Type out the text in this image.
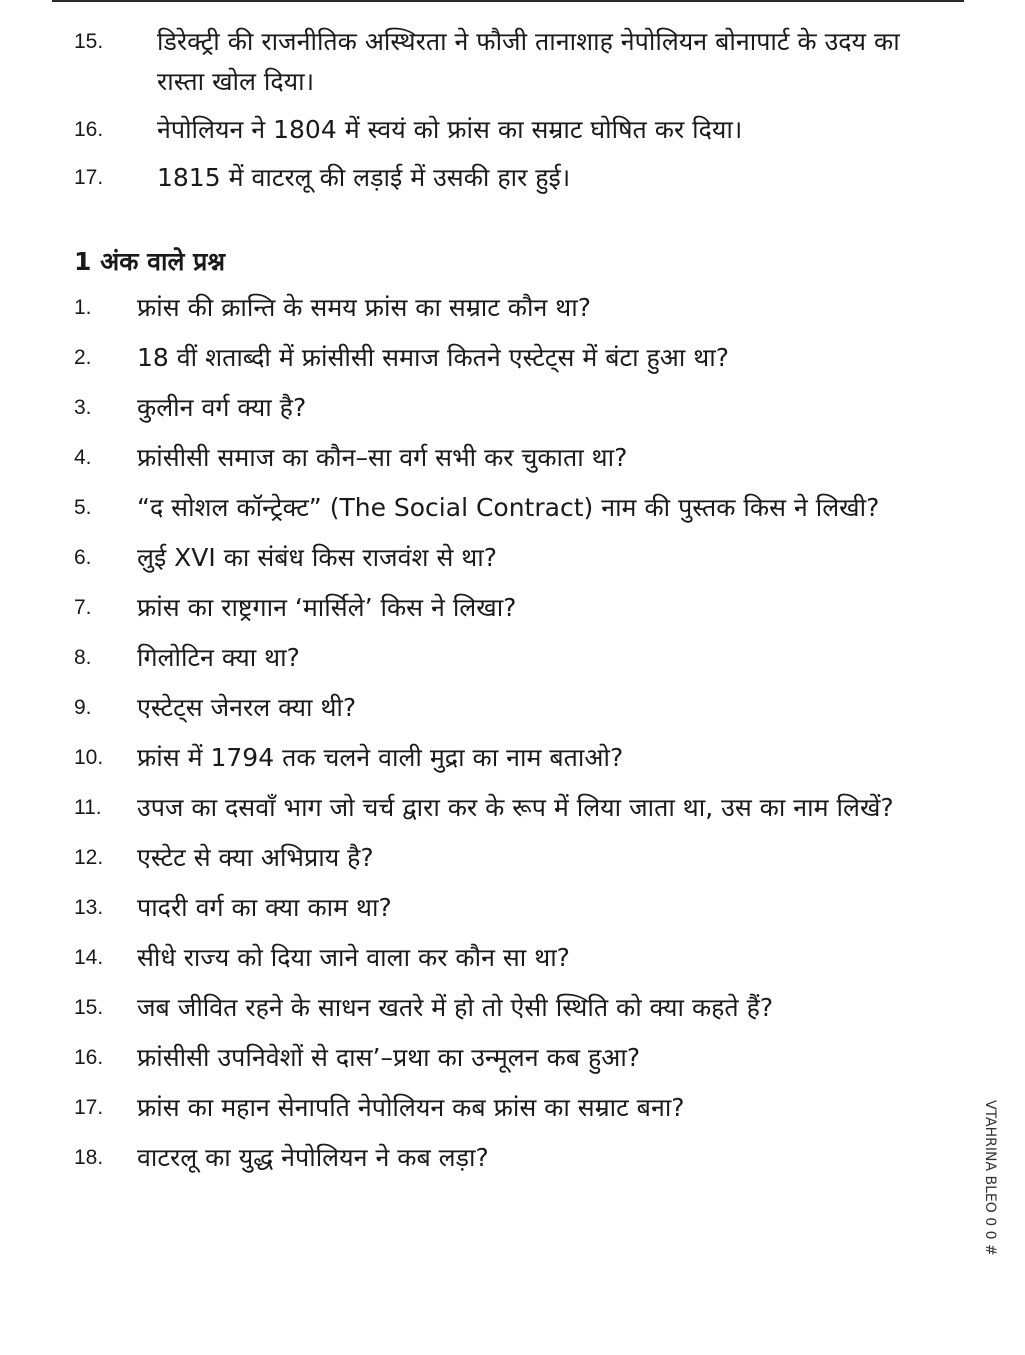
15.	डिरेक्ट्री की राजनीतिक अस्थिरता ने फौजी तानाशाह नेपोलियन बोनापार्ट के उदय का रास्ता खोल दिया।
16.	नेपोलियन ने 1804 में स्वयं को फ्रांस का सम्राट घोषित कर दिया।
17.	1815 में वाटरलू की लड़ाई में उसकी हार हुई।
1 अंक वाले प्रश्न
1.	फ्रांस की क्रान्ति के समय फ्रांस का सम्राट कौन था?
2.	18 वीं शताब्दी में फ्रांसीसी समाज कितने एस्टेट्स में बंटा हुआ था?
3.	कुलीन वर्ग क्या है?
4.	फ्रांसीसी समाज का कौन–सा वर्ग सभी कर चुकाता था?
5.	“द सोशल कॉन्ट्रेक्ट” (The Social Contract) नाम की पुस्तक किस ने लिखी?
6.	लुई XVI का संबंध किस राजवंश से था?
7.	फ्रांस का राष्ट्रगान ‘मार्सिले’ किस ने लिखा?
8.	गिलोटिन क्या था?
9.	एस्टेट्स जेनरल क्या थी?
10.	फ्रांस में 1794 तक चलने वाली मुद्रा का नाम बताओ?
11.	उपज का दसवाँ भाग जो चर्च द्वारा कर के रूप में लिया जाता था, उस का नाम लिखें?
12.	एस्टेट से क्या अभिप्राय है?
13.	पादरी वर्ग का क्या काम था?
14.	सीधे राज्य को दिया जाने वाला कर कौन सा था?
15.	जब जीवित रहने के साधन खतरे में हो तो ऐसी स्थिति को क्या कहते हैं?
16.	फ्रांसीसी उपनिवेशों से दास’–प्रथा का उन्मूलन कब हुआ?
17.	फ्रांस का महान सेनापति नेपोलियन कब फ्रांस का सम्राट बना?
18.	वाटरलू का युद्ध नेपोलियन ने कब लड़ा?	VTAHRINA BLEO 0 0 #
